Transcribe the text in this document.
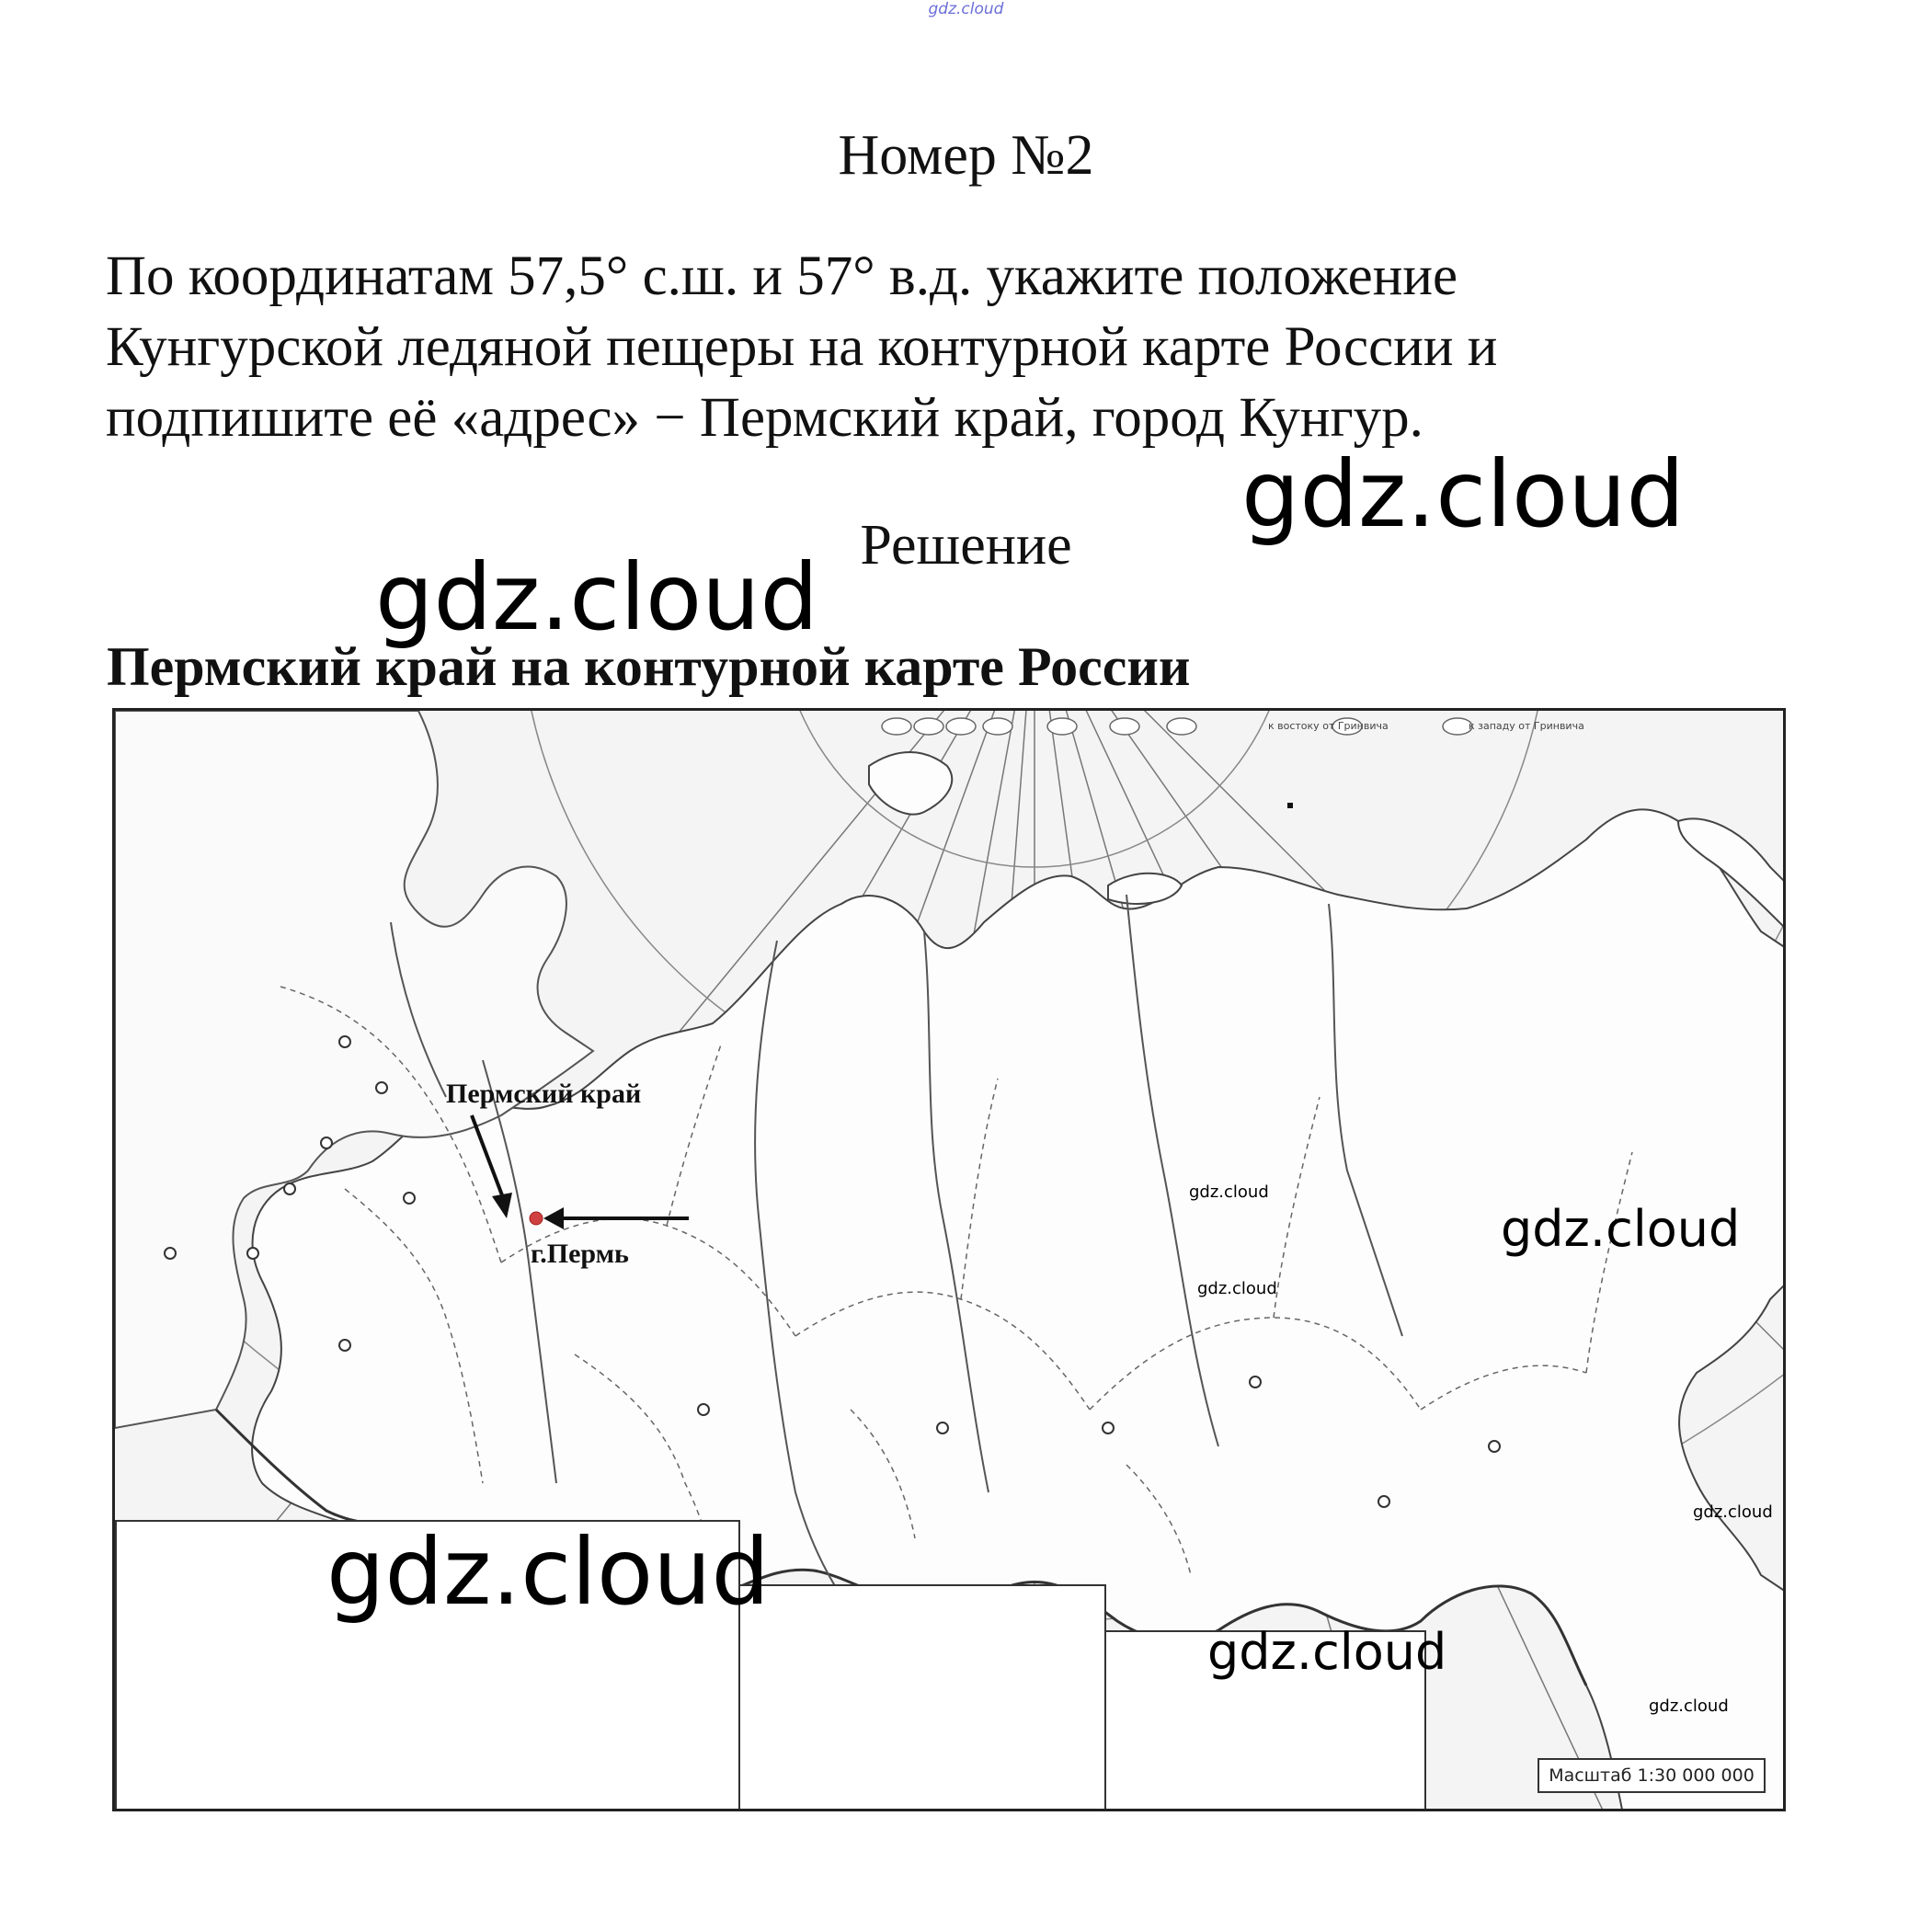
gdz.cloud
Номер №2
По координатам 57,5° с.ш. и 57° в.д. укажите положение
Кунгурской ледяной пещеры на контурной карте России и
подпишите её «адрес» − Пермский край, город Кунгур.
gdz.cloud
Решение
gdz.cloud
Пермский край на контурной карте России
Пермский край
г.Пермь
к востоку от Гринвича	к западу от Гринвича
Масштаб 1:30 000 000
gdz.cloud
gdz.cloud
gdz.cloud
gdz.cloud
gdz.cloud
gdz.cloud
gdz.cloud
